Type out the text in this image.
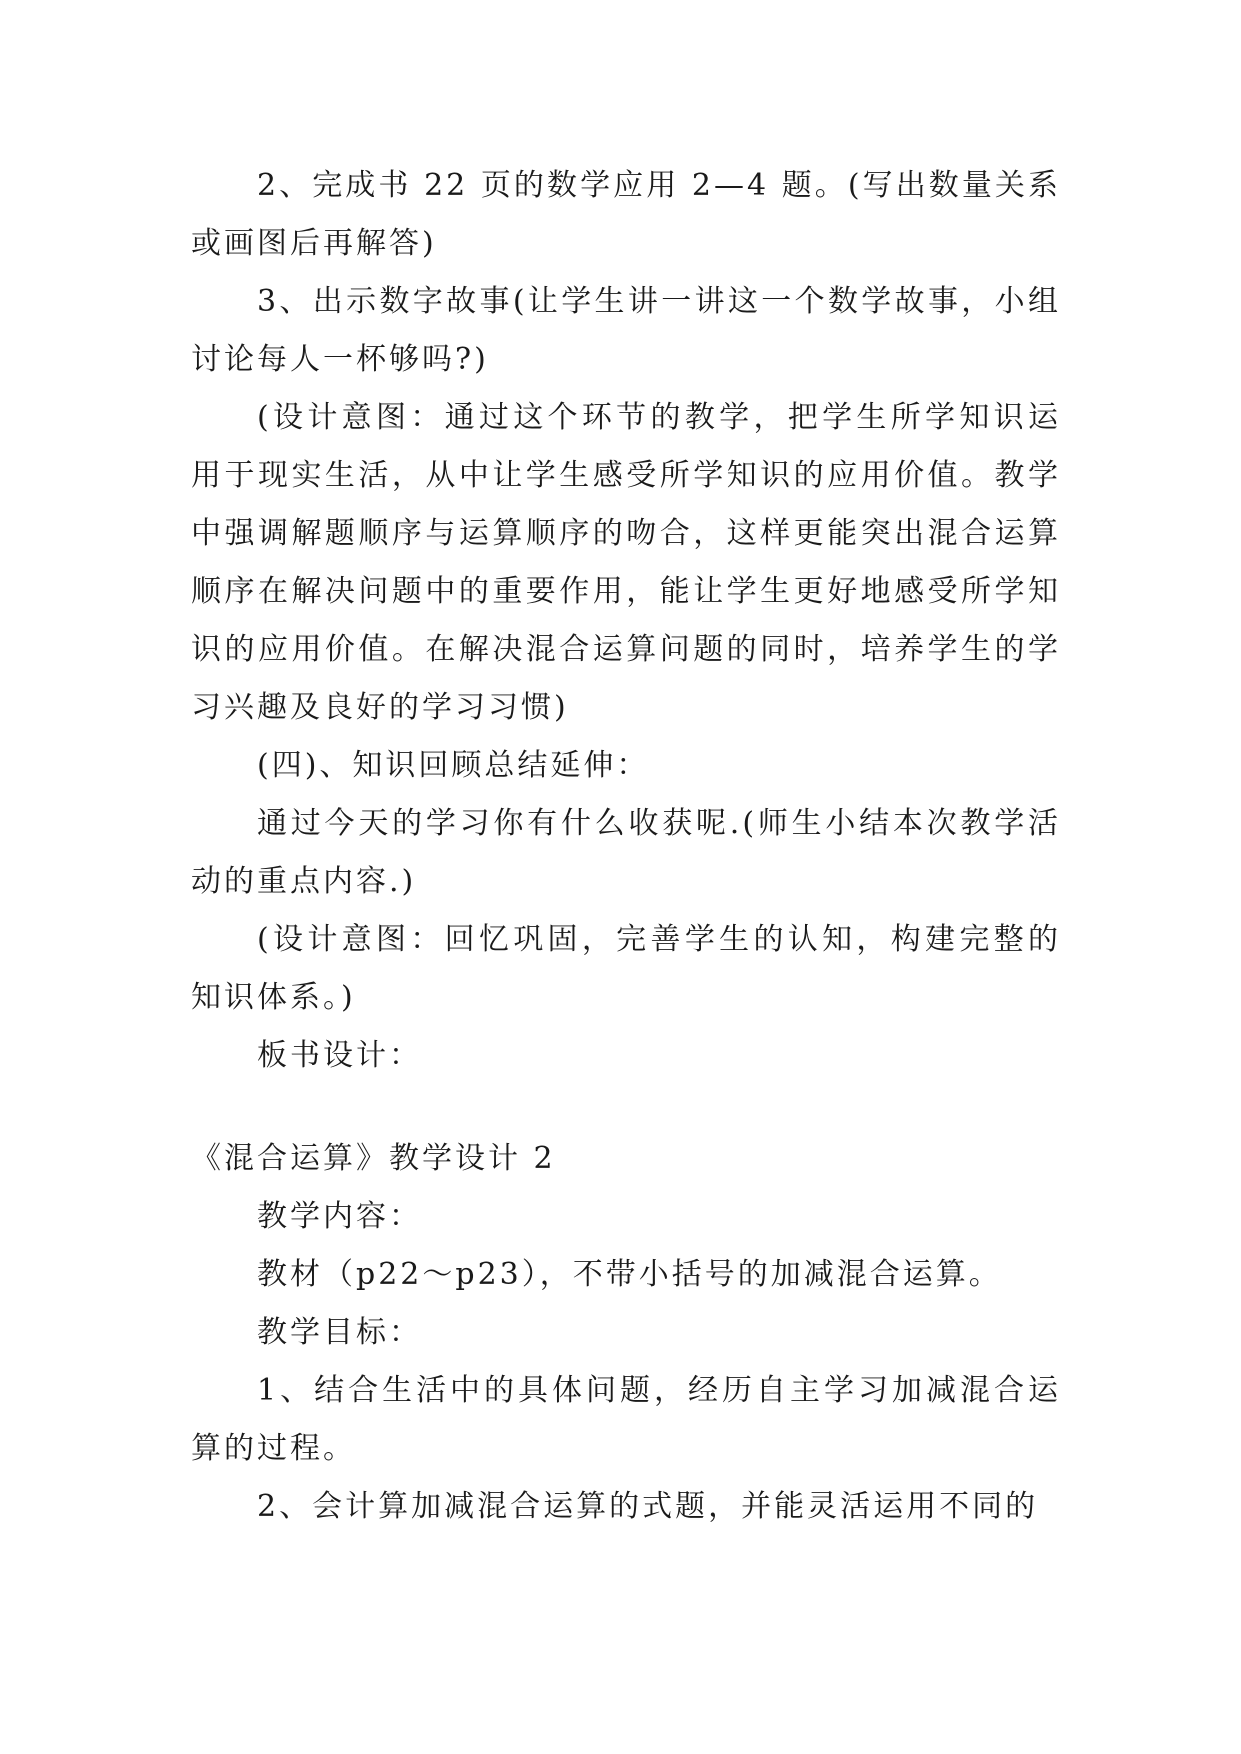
2、完成书 22 页的数学应用 2—4 题。(写出数量关系或画图后再解答)

3、出示数字故事(让学生讲一讲这一个数学故事，小组讨论每人一杯够吗?)

(设计意图：通过这个环节的教学，把学生所学知识运用于现实生活，从中让学生感受所学知识的应用价值。教学中强调解题顺序与运算顺序的吻合，这样更能突出混合运算顺序在解决问题中的重要作用，能让学生更好地感受所学知识的应用价值。在解决混合运算问题的同时，培养学生的学习兴趣及良好的学习习惯)

(四)、知识回顾总结延伸：

通过今天的学习你有什么收获呢.(师生小结本次教学活动的重点内容.)

(设计意图：回忆巩固，完善学生的认知，构建完整的知识体系。)

板书设计：

《混合运算》教学设计 2

教学内容：

教材（p22～p23），不带小括号的加减混合运算。

教学目标：

1、结合生活中的具体问题，经历自主学习加减混合运算的过程。

2、会计算加减混合运算的式题，并能灵活运用不同的
